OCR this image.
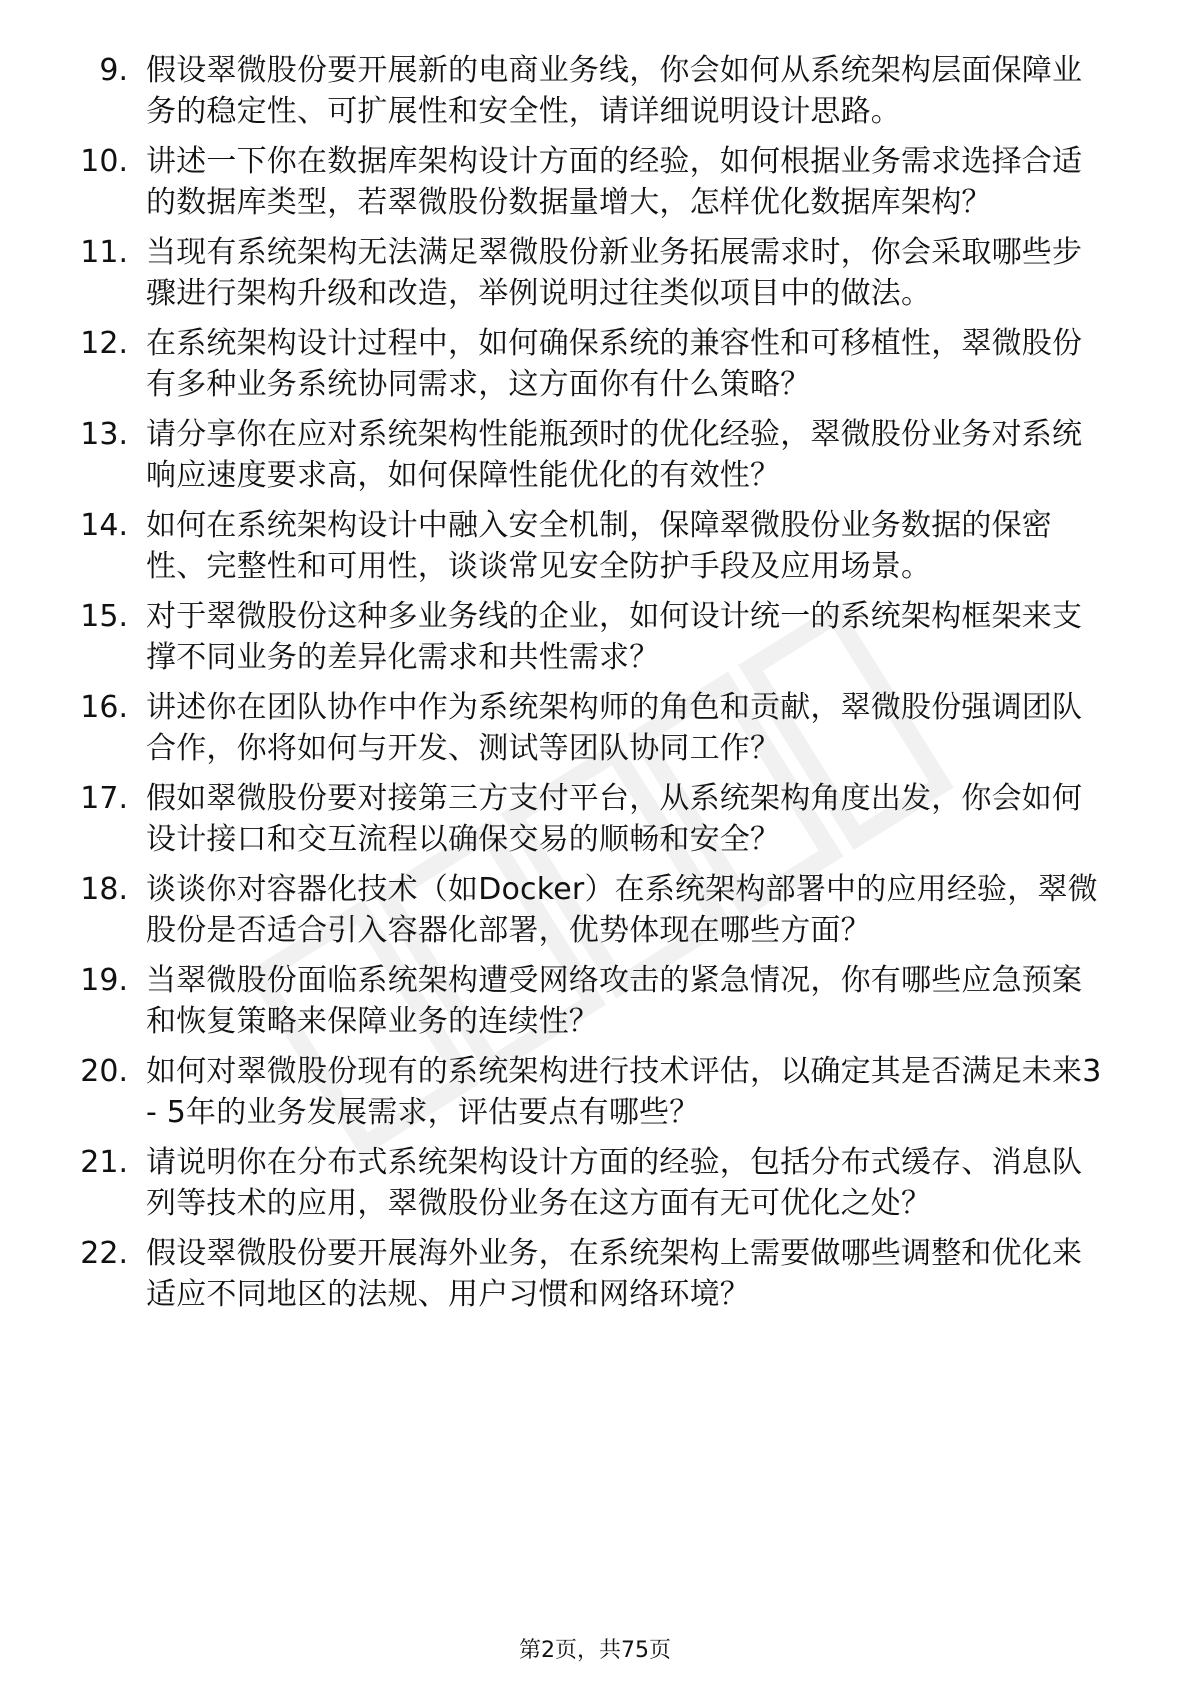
9. 假设翠微股份要开展新的电商业务线，你会如何从系统架构层面保障业务的稳定性、可扩展性和安全性，请详细说明设计思路。
10. 讲述一下你在数据库架构设计方面的经验，如何根据业务需求选择合适的数据库类型，若翠微股份数据量增大，怎样优化数据库架构？
11. 当现有系统架构无法满足翠微股份新业务拓展需求时，你会采取哪些步骤进行架构升级和改造，举例说明过往类似项目中的做法。
12. 在系统架构设计过程中，如何确保系统的兼容性和可移植性，翠微股份有多种业务系统协同需求，这方面你有什么策略？
13. 请分享你在应对系统架构性能瓶颈时的优化经验，翠微股份业务对系统响应速度要求高，如何保障性能优化的有效性？
14. 如何在系统架构设计中融入安全机制，保障翠微股份业务数据的保密性、完整性和可用性，谈谈常见安全防护手段及应用场景。
15. 对于翠微股份这种多业务线的企业，如何设计统一的系统架构框架来支撑不同业务的差异化需求和共性需求？
16. 讲述你在团队协作中作为系统架构师的角色和贡献，翠微股份强调团队合作，你将如何与开发、测试等团队协同工作？
17. 假如翠微股份要对接第三方支付平台，从系统架构角度出发，你会如何设计接口和交互流程以确保交易的顺畅和安全？
18. 谈谈你对容器化技术（如Docker）在系统架构部署中的应用经验，翠微股份是否适合引入容器化部署，优势体现在哪些方面？
19. 当翠微股份面临系统架构遭受网络攻击的紧急情况，你有哪些应急预案和恢复策略来保障业务的连续性？
20. 如何对翠微股份现有的系统架构进行技术评估，以确定其是否满足未来3 - 5年的业务发展需求，评估要点有哪些？
21. 请说明你在分布式系统架构设计方面的经验，包括分布式缓存、消息队列等技术的应用，翠微股份业务在这方面有无可优化之处？
22. 假设翠微股份要开展海外业务，在系统架构上需要做哪些调整和优化来适应不同地区的法规、用户习惯和网络环境？
第2页，共75页
